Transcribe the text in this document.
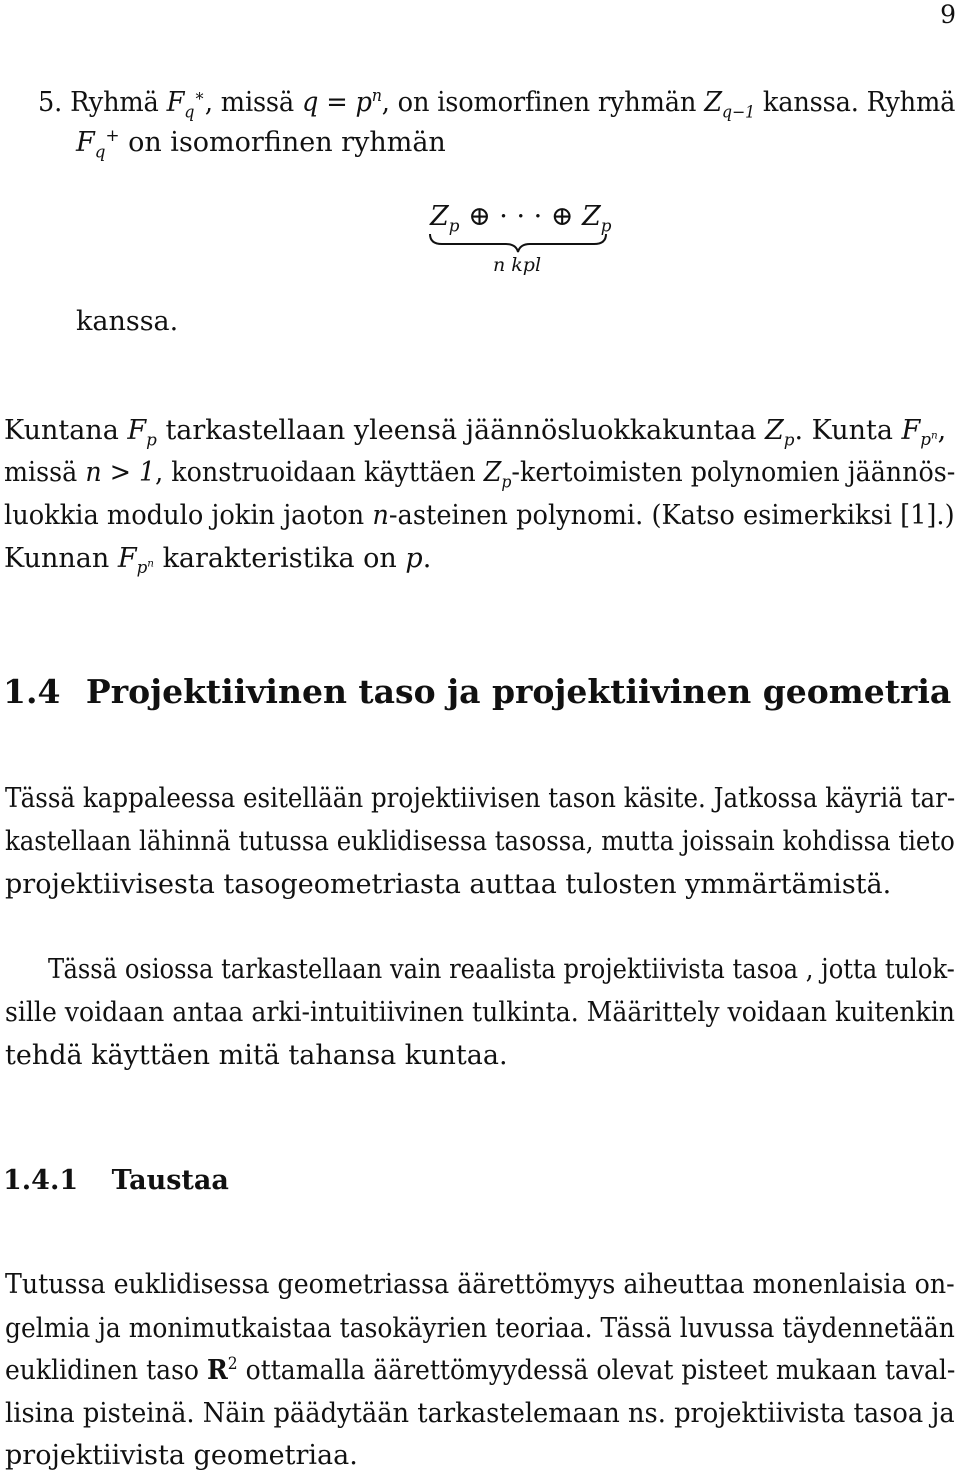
9
5. Ryhmä $F_q^∗$, missä $q = p^n$, on isomorfinen ryhmän $Z_{q-1}$ kanssa. Ryhmä
$F_q^+$ on isomorfinen ryhmän
$Z_p$ ⊕ · · · ⊕ $Z_p$
n kpl
kanssa.
Kuntana $F_p$ tarkastellaan yleensä jäännösluokkakuntaa $Z_p$. Kunta $F_{p^n}$,
missä n > 1, konstruoidaan käyttäen $Z_p$-kertoimisten polynomien jäännös-
luokkia modulo jokin jaoton n-asteinen polynomi. (Katso esimerkiksi [1].)
Kunnan $F_{p^n}$ karakteristika on p.
1.4 Projektiivinen taso ja projektiivinen geometria
Tässä kappaleessa esitellään projektiivisen tason käsite. Jatkossa käyriä tar-
kastellaan lähinnä tutussa euklidisessa tasossa, mutta joissain kohdissa tieto
projektiivisesta tasogeometriasta auttaa tulosten ymmärtämistä.
Tässä osiossa tarkastellaan vain reaalista projektiivista tasoa , jotta tulok-
sille voidaan antaa arki-intuitiivinen tulkinta. Määrittely voidaan kuitenkin
tehdä käyttäen mitä tahansa kuntaa.
1.4.1 Taustaa
Tutussa euklidisessa geometriassa äärettömyys aiheuttaa monenlaisia on-
gelmia ja monimutkaistaa tasokäyrien teoriaa. Tässä luvussa täydennetään
euklidinen taso $R^2$ ottamalla äärettömyydessä olevat pisteet mukaan taval-
lisina pisteinä. Näin päädytään tarkastelemaan ns. projektiivista tasoa ja
projektiivista geometriaa.
